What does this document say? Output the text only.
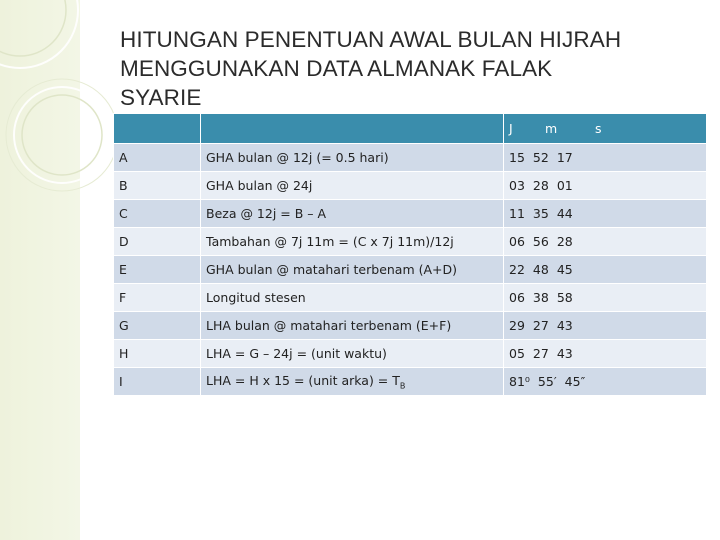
HITUNGAN PENENTUAN AWAL BULAN HIJRAH
MENGGUNAKAN DATA ALMANAK FALAK
SYARIE
		J m s
A	GHA bulan @ 12j (= 0.5 hari)	15 52 17
B	GHA bulan @ 24j	03 28 01
C	Beza @ 12j = B – A	11 35 44
D	Tambahan @ 7j 11m = (C x 7j 11m)/12j	06 56 28
E	GHA bulan @ matahari terbenam (A+D)	22 48 45
F	Longitud stesen	06 38 58
G	LHA bulan @ matahari terbenam (E+F)	29 27 43
H	LHA = G – 24j = (unit waktu)	05 27 43
I	LHA = H x 15 = (unit arka) = $T_B$	81⁰ 55′ 45″
